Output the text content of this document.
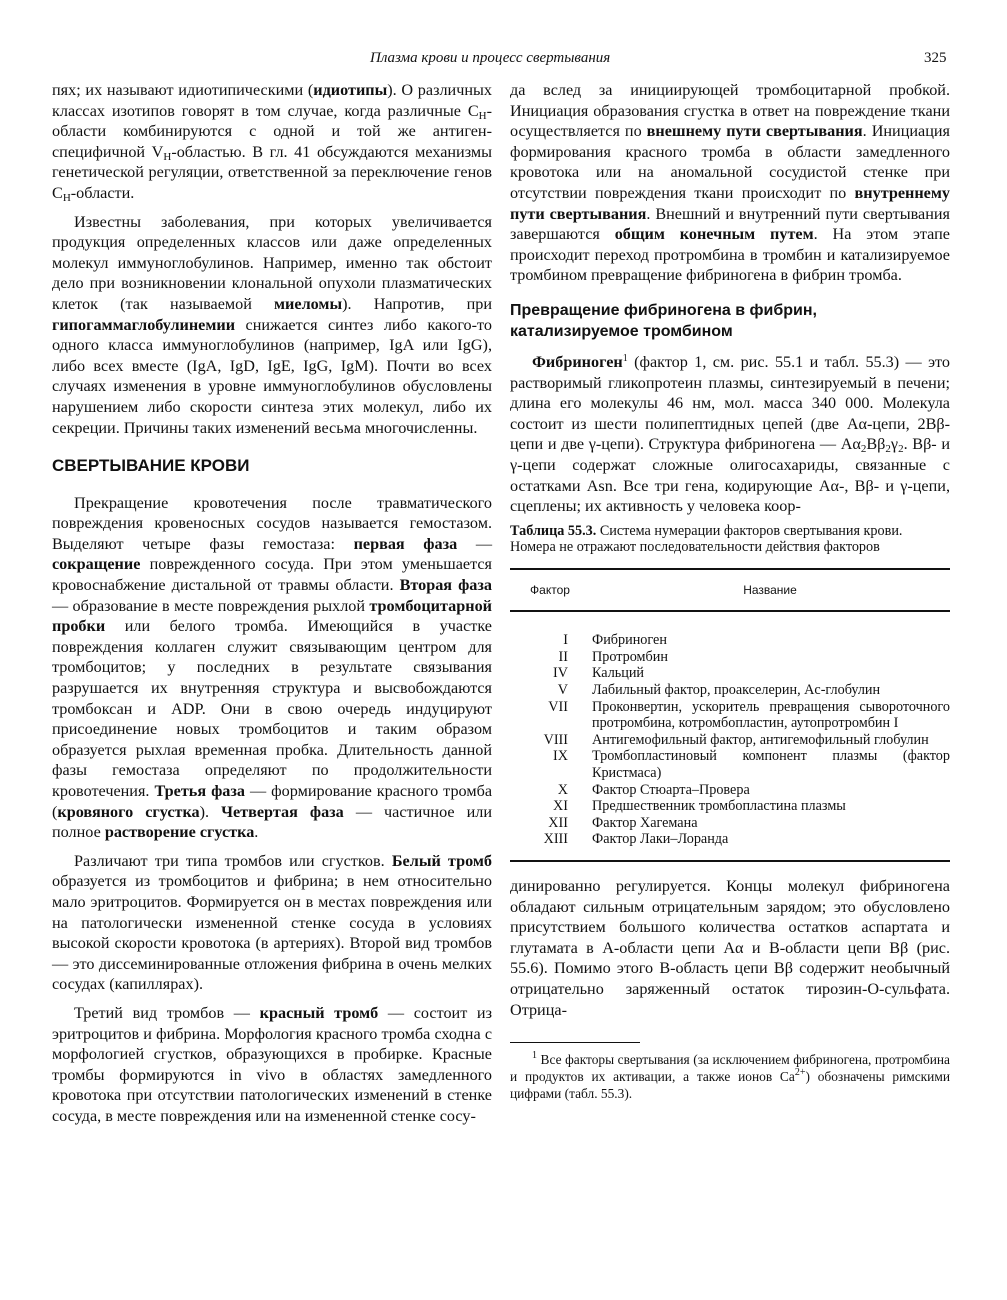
Плазма крови и процесс свертывания	325

пях; их называют идиотипическими (идиотипы). О различных классах изотипов говорят в том случае, когда различные $C_H$-области комбинируются с одной и той же антиген-специфичной $V_H$-областью. В гл. 41 обсуждаются механизмы генетической регуляции, ответственной за переключение генов $C_H$-области.

Известны заболевания, при которых увеличивается продукция определенных классов или даже определенных молекул иммуноглобулинов. Например, именно так обстоит дело при возникновении клональной опухоли плазматических клеток (так называемой миеломы). Напротив, при гипогаммаглобулинемии снижается синтез либо какого-то одного класса иммуноглобулинов (например, IgA или IgG), либо всех вместе (IgA, IgD, IgE, IgG, IgM). Почти во всех случаях изменения в уровне иммуноглобулинов обусловлены нарушением либо скорости синтеза этих молекул, либо их секреции. Причины таких изменений весьма многочисленны.

СВЕРТЫВАНИЕ КРОВИ

Прекращение кровотечения после травматического повреждения кровеносных сосудов называется гемостазом. Выделяют четыре фазы гемостаза: первая фаза — сокращение поврежденного сосуда. При этом уменьшается кровоснабжение дистальной от травмы области. Вторая фаза — образование в месте повреждения рыхлой тромбоцитарной пробки или белого тромба. Имеющийся в участке повреждения коллаген служит связывающим центром для тромбоцитов; у последних в результате связывания разрушается их внутренняя структура и высвобождаются тромбоксан и ADP. Они в свою очередь индуцируют присоединение новых тромбоцитов и таким образом образуется рыхлая временная пробка. Длительность данной фазы гемостаза определяют по продолжительности кровотечения. Третья фаза — формирование красного тромба (кровяного сгустка). Четвертая фаза — частичное или полное растворение сгустка.

Различают три типа тромбов или сгустков. Белый тромб образуется из тромбоцитов и фибрина; в нем относительно мало эритроцитов. Формируется он в местах повреждения или на патологически измененной стенке сосуда в условиях высокой скорости кровотока (в артериях). Второй вид тромбов — это диссеминированные отложения фибрина в очень мелких сосудах (капиллярах).

Третий вид тромбов — красный тромб — состоит из эритроцитов и фибрина. Морфология красного тромба сходна с морфологией сгустков, образующихся в пробирке. Красные тромбы формируются in vivo в областях замедленного кровотока при отсутствии патологических изменений в стенке сосуда, в месте повреждения или на измененной стенке сосу-

да вслед за инициирующей тромбоцитарной пробкой. Инициация образования сгустка в ответ на повреждение ткани осуществляется по внешнему пути свертывания. Инициация формирования красного тромба в области замедленного кровотока или на аномальной сосудистой стенке при отсутствии повреждения ткани происходит по внутреннему пути свертывания. Внешний и внутренний пути свертывания завершаются общим конечным путем. На этом этапе происходит переход протромбина в тромбин и катализируемое тромбином превращение фибриногена в фибрин тромба.

Превращение фибриногена в фибрин, катализируемое тромбином

Фибриноген$^1$ (фактор 1, см. рис. 55.1 и табл. 55.3) — это растворимый гликопротеин плазмы, синтезируемый в печени; длина его молекулы 46 нм, мол. масса 340 000. Молекула состоит из шести полипептидных цепей (две Aα-цепи, 2Bβ-цепи и две γ-цепи). Структура фибриногена — $A\alpha_2B\beta_2\gamma_2$. Bβ- и γ-цепи содержат сложные олигосахариды, связанные с остатками Asn. Все три гена, кодирующие Aα-, Bβ- и γ-цепи, сцеплены; их активность у человека коор-

Таблица 55.3. Система нумерации факторов свертывания крови. Номера не отражают последовательности действия факторов
Фактор	Название
I	Фибриноген
II	Протромбин
IV	Кальций
V	Лабильный фактор, проакселерин, Ac-глобулин
VII	Проконвертин, ускоритель превращения сывороточного протромбина, котромбопластин, аутопротромбин I
VIII	Антигемофильный фактор, антигемофильный глобулин
IX	Тромбопластиновый компонент плазмы (фактор Кристмаса)
X	Фактор Стюарта–Провера
XI	Предшественник тромбопластина плазмы
XII	Фактор Хагемана
XIII	Фактор Лаки–Лоранда

динированно регулируется. Концы молекул фибриногена обладают сильным отрицательным зарядом; это обусловлено присутствием большого количества остатков аспартата и глутамата в A-области цепи Aα и B-области цепи Bβ (рис. 55.6). Помимо этого B-область цепи Bβ содержит необычный отрицательно заряженный остаток тирозин-O-сульфата. Отрица-

$^1$ Все факторы свертывания (за исключением фибриногена, протромбина и продуктов их активации, а также ионов $Ca^{2+}$) обозначены римскими цифрами (табл. 55.3).
